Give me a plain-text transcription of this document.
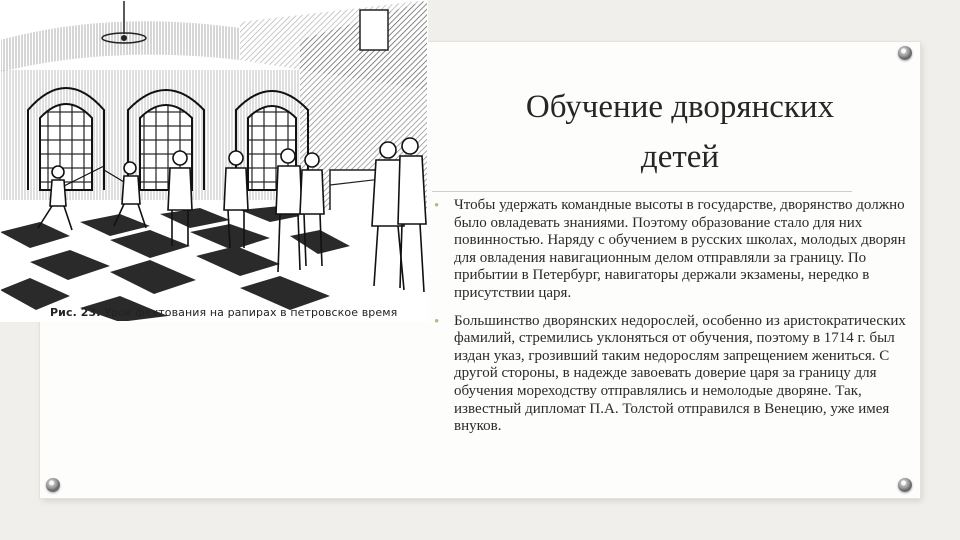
Рис. 23. Урок фехтования на рапирах в петровское время
Обучение дворянских
детей
• Чтобы удержать командные высоты в государстве, дворянство должно было овладевать знаниями. Поэтому образование стало для них повинностью. Наряду с обучением в русских школах, молодых дворян для овладения навигационным делом отправляли за границу. По прибытии в Петербург, навигаторы держали экзамены, нередко в присутствии царя.
• Большинство дворянских недорослей, особенно из аристократических фамилий, стремились уклоняться от обучения, поэтому в 1714 г. был издан указ, грозивший таким недорослям запрещением жениться. С другой стороны, в надежде завоевать доверие царя за границу для обучения мореходству отправлялись и немолодые дворяне. Так, известный дипломат П.А. Толстой отправился в Венецию, уже имея внуков.
